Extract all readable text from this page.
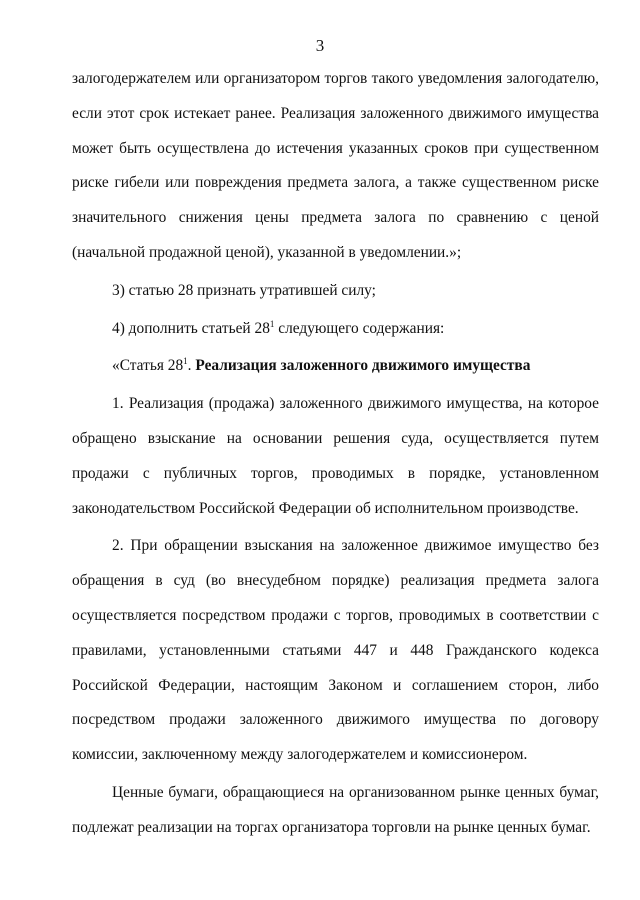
3

залогодержателем или организатором торгов такого уведомления залогодателю, если этот срок истекает ранее. Реализация заложенного движимого имущества может быть осуществлена до истечения указанных сроков при существенном риске гибели или повреждения предмета залога, а также существенном риске значительного снижения цены предмета залога по сравнению с ценой (начальной продажной ценой), указанной в уведомлении.»;

3) статью 28 признать утратившей силу;

4) дополнить статьей $28^1$ следующего содержания:

«Статья $28^1$. Реализация заложенного движимого имущества

1. Реализация (продажа) заложенного движимого имущества, на которое обращено взыскание на основании решения суда, осуществляется путем продажи с публичных торгов, проводимых в порядке, установленном законодательством Российской Федерации об исполнительном производстве.

2. При обращении взыскания на заложенное движимое имущество без обращения в суд (во внесудебном порядке) реализация предмета залога осуществляется посредством продажи с торгов, проводимых в соответствии с правилами, установленными статьями 447 и 448 Гражданского кодекса Российской Федерации, настоящим Законом и соглашением сторон, либо посредством продажи заложенного движимого имущества по договору комиссии, заключенному между залогодержателем и комиссионером.

Ценные бумаги, обращающиеся на организованном рынке ценных бумаг, подлежат реализации на торгах организатора торговли на рынке ценных бумаг.
